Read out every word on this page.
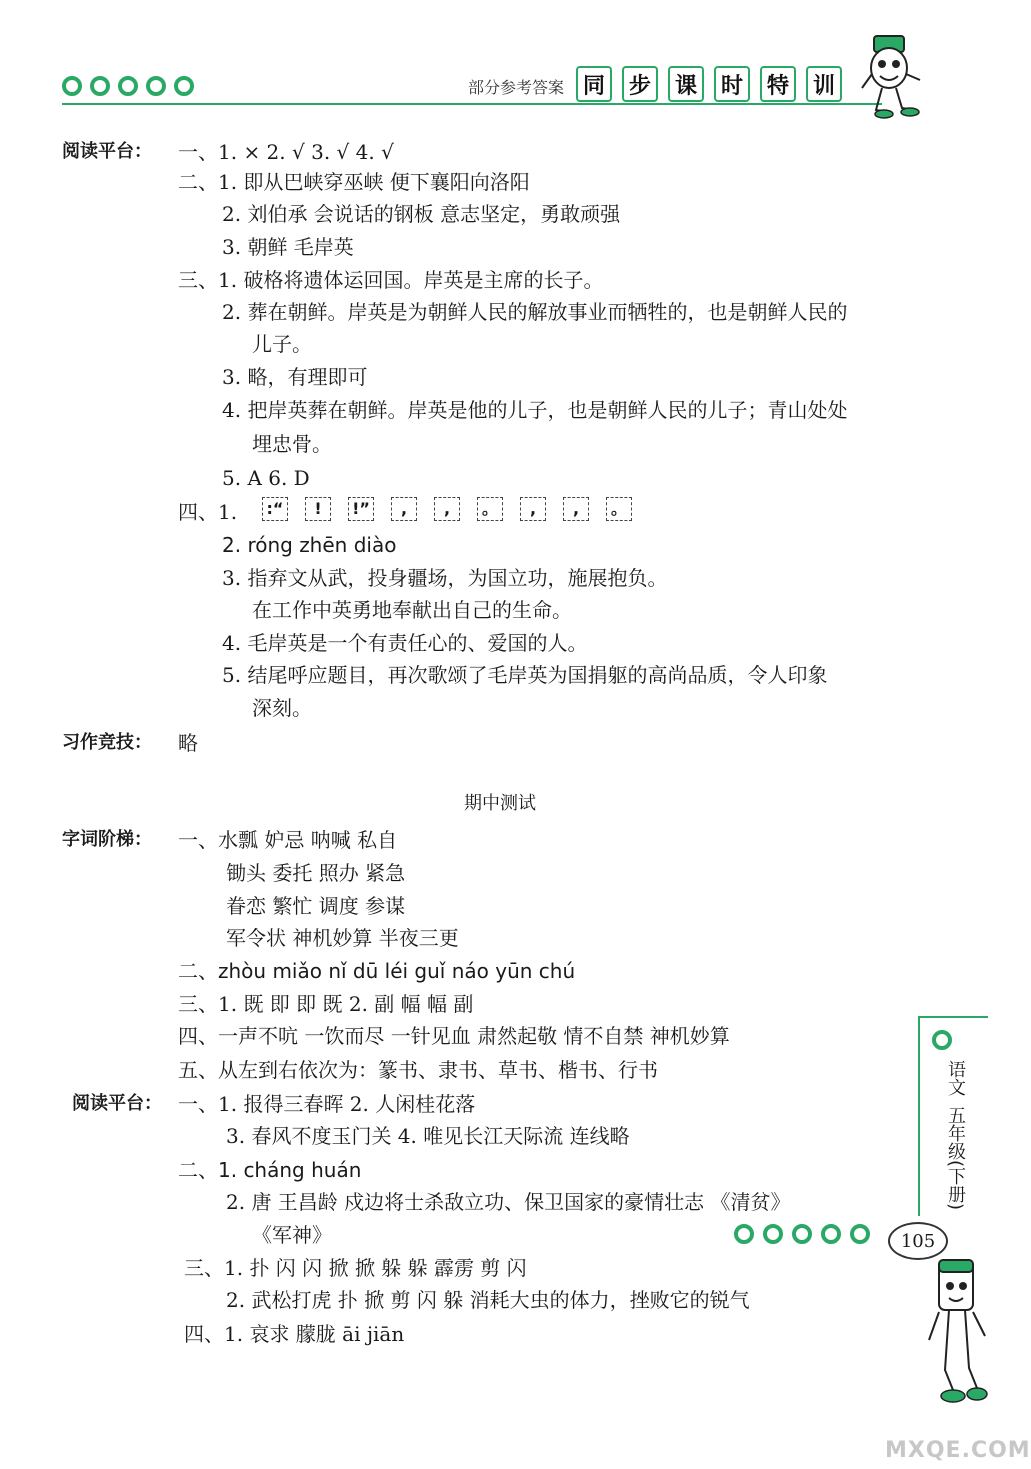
部分参考答案 同	步	课	时	特	训
阅读平台： 一、1. × 2. √ 3. √ 4. √
二、1. 即从巴峡穿巫峡 便下襄阳向洛阳
2. 刘伯承 会说话的钢板 意志坚定，勇敢顽强
3. 朝鲜 毛岸英
三、1. 破格将遗体运回国。岸英是主席的长子。
2. 葬在朝鲜。岸英是为朝鲜人民的解放事业而牺牲的，也是朝鲜人民的
儿子。
3. 略，有理即可
4. 把岸英葬在朝鲜。岸英是他的儿子，也是朝鲜人民的儿子；青山处处
埋忠骨。
5. A 6. D
四、1. :“	!	!”	,	,	。	,	,	。
2. róng zhēn diào
3. 指弃文从武，投身疆场，为国立功，施展抱负。
在工作中英勇地奉献出自己的生命。
4. 毛岸英是一个有责任心的、爱国的人。
5. 结尾呼应题目，再次歌颂了毛岸英为国捐躯的高尚品质，令人印象
深刻。
习作竞技： 略
期中测试
字词阶梯： 一、水瓢 妒忌 呐喊 私自
锄头 委托 照办 紧急
眷恋 繁忙 调度 参谋
军令状 神机妙算 半夜三更
二、zhòu miǎo nǐ dū léi guǐ náo yūn chú
三、1. 既 即 即 既 2. 副 幅 幅 副
四、一声不吭 一饮而尽 一针见血 肃然起敬 情不自禁 神机妙算
五、从左到右依次为：篆书、隶书、草书、楷书、行书
阅读平台： 一、1. 报得三春晖 2. 人闲桂花落
3. 春风不度玉门关 4. 唯见长江天际流 连线略
二、1. cháng huán
2. 唐 王昌龄 戍边将士杀敌立功、保卫国家的豪情壮志 《清贫》
《军神》
三、1. 扑 闪 闪 掀 掀 躲 躲 霹雳 剪 闪
2. 武松打虎 扑 掀 剪 闪 躲 消耗大虫的体力，挫败它的锐气
四、1. 哀求 朦胧 āi jiān
语文
五年级(下册)
105
MXQE.COM
